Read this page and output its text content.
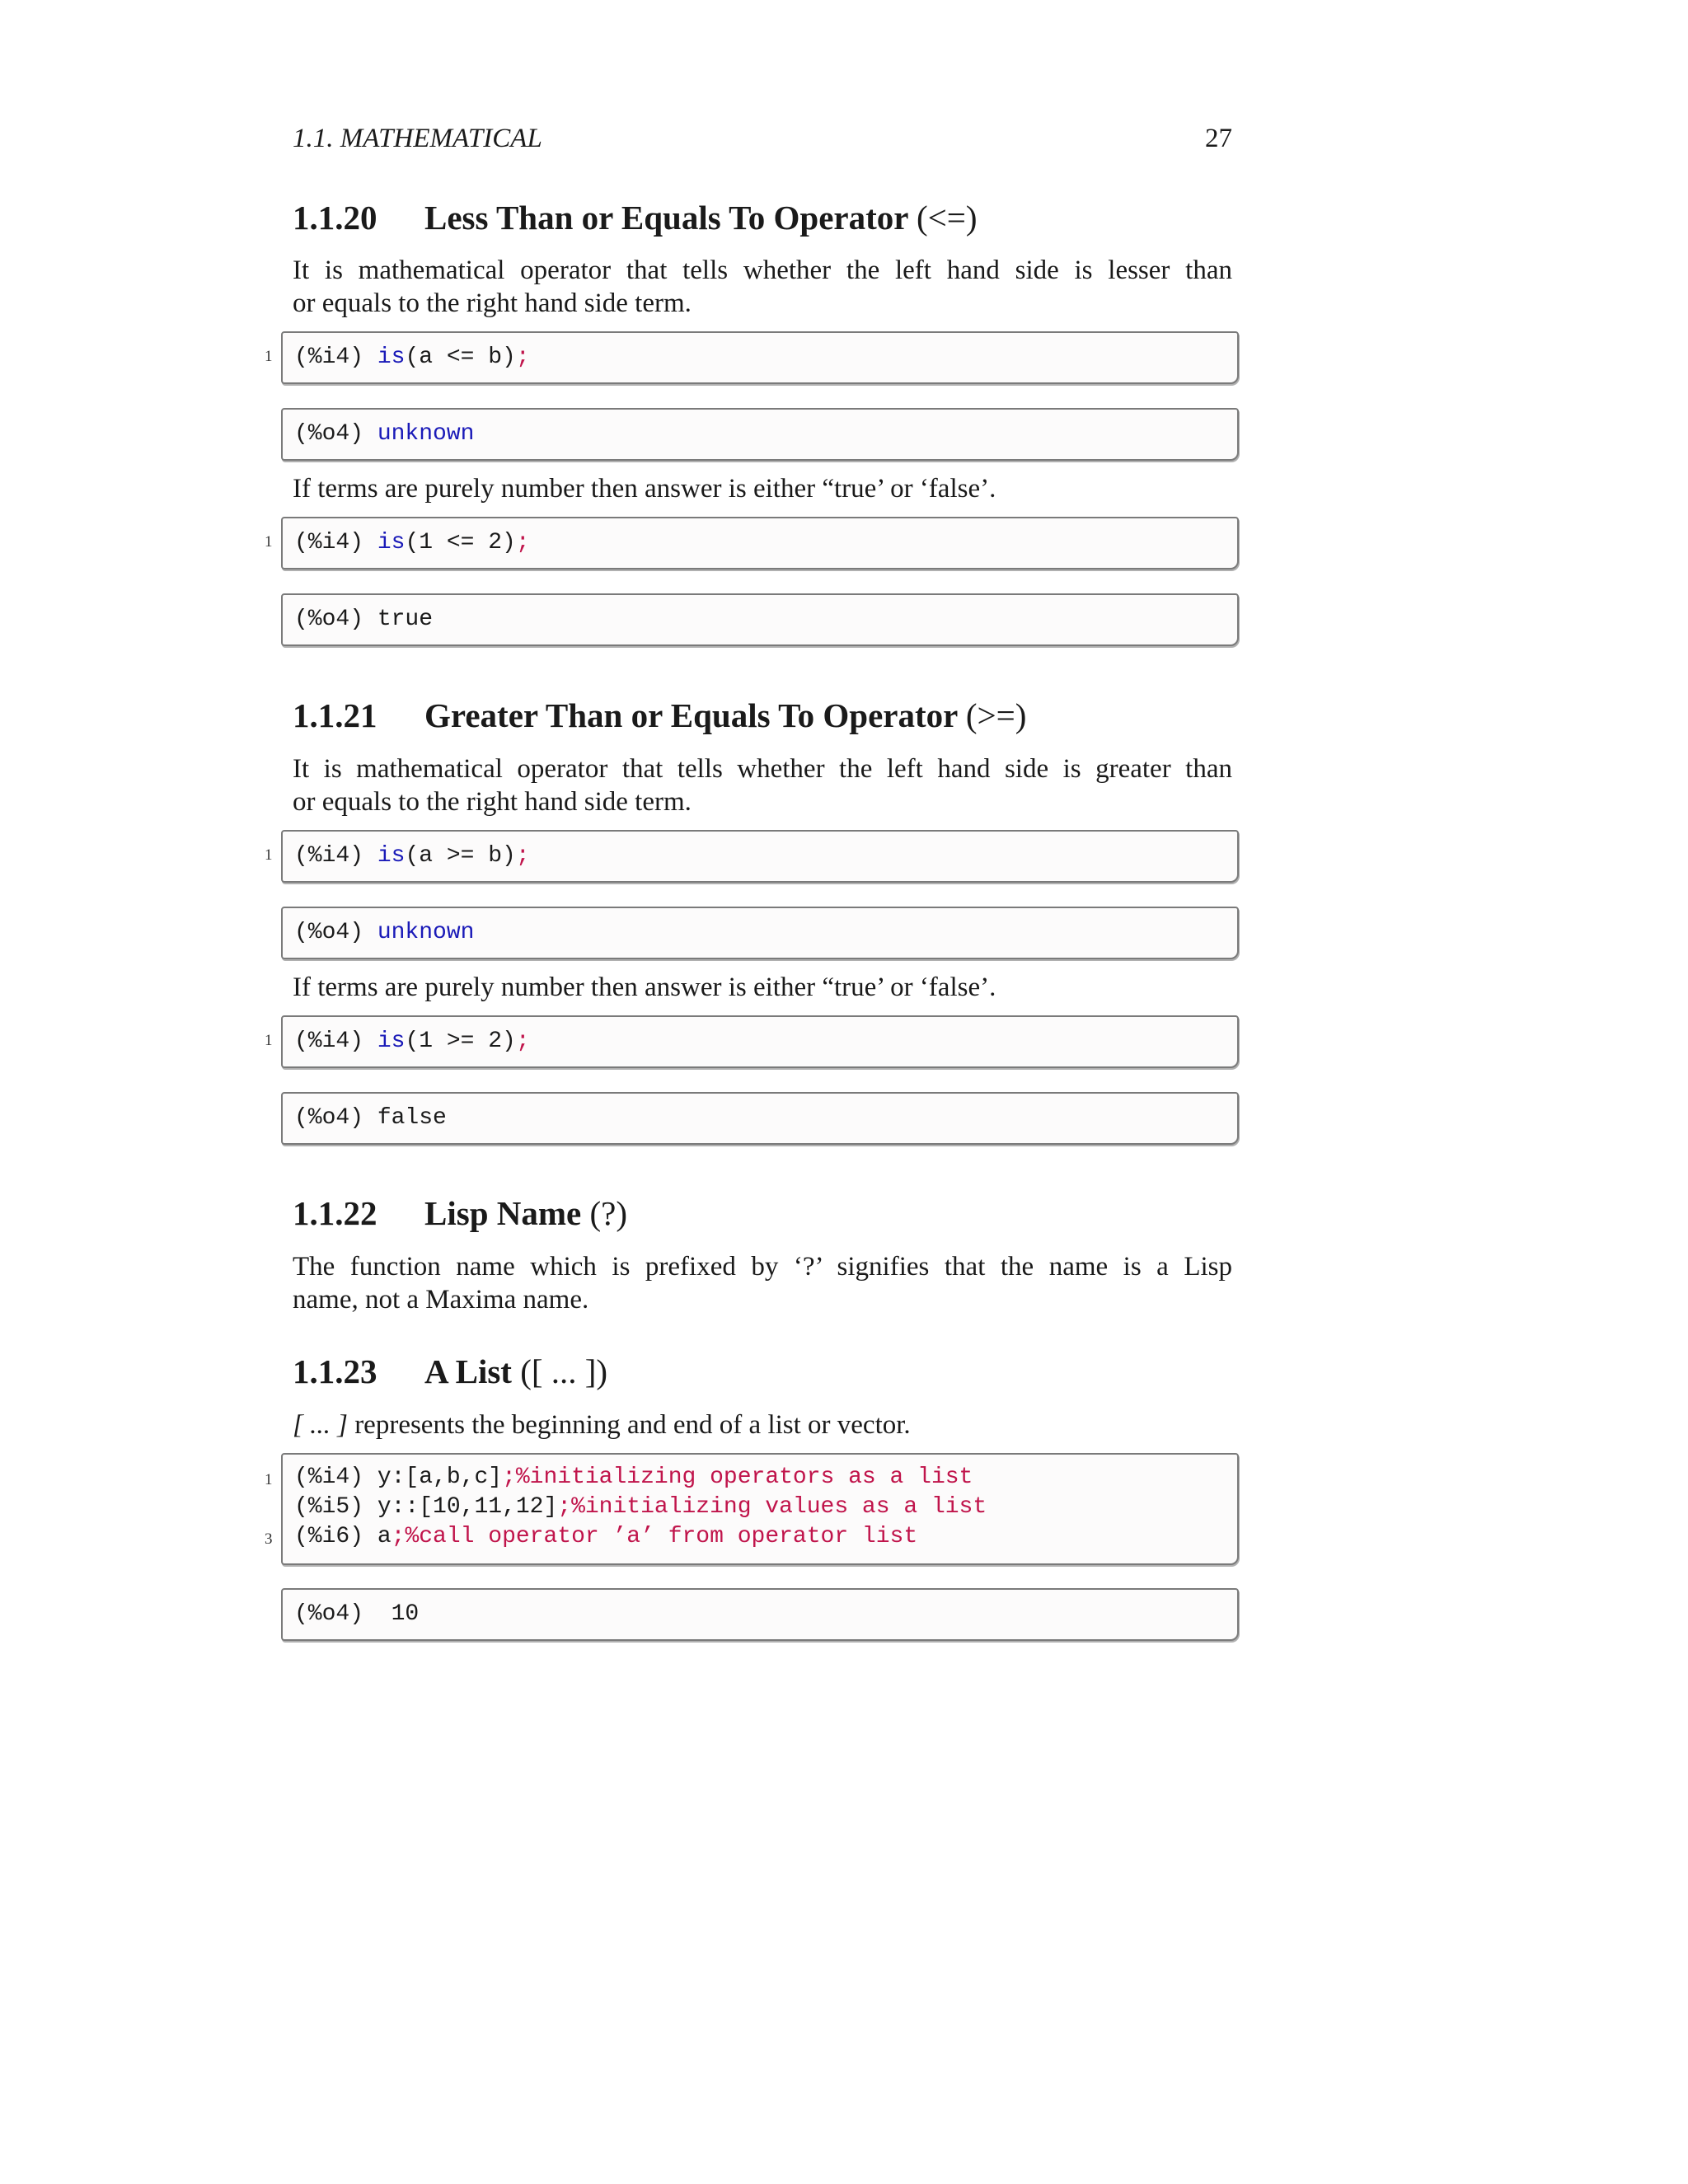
1.1. MATHEMATICAL	27
1.1.20 Less Than or Equals To Operator (<=)
It is mathematical operator that tells whether the left hand side is lesser than
or equals to the right hand side term.
1 (%i4) is(a <= b);
(%o4) unknown
If terms are purely number then answer is either “true’ or ‘false’.
1 (%i4) is(1 <= 2);
(%o4) true
1.1.21 Greater Than or Equals To Operator (>=)
It is mathematical operator that tells whether the left hand side is greater than
or equals to the right hand side term.
1 (%i4) is(a >= b);
(%o4) unknown
If terms are purely number then answer is either “true’ or ‘false’.
1 (%i4) is(1 >= 2);
(%o4) false
1.1.22 Lisp Name (?)
The function name which is prefixed by ‘?’ signifies that the name is a Lisp
name, not a Maxima name.
1.1.23 A List ([ ... ])
[ ... ] represents the beginning and end of a list or vector.
1
3
(%i4) y:[a,b,c];%initializing operators as a list
(%i5) y::[10,11,12];%initializing values as a list
(%i6) a;%call operator ’a’ from operator list
(%o4)  10
